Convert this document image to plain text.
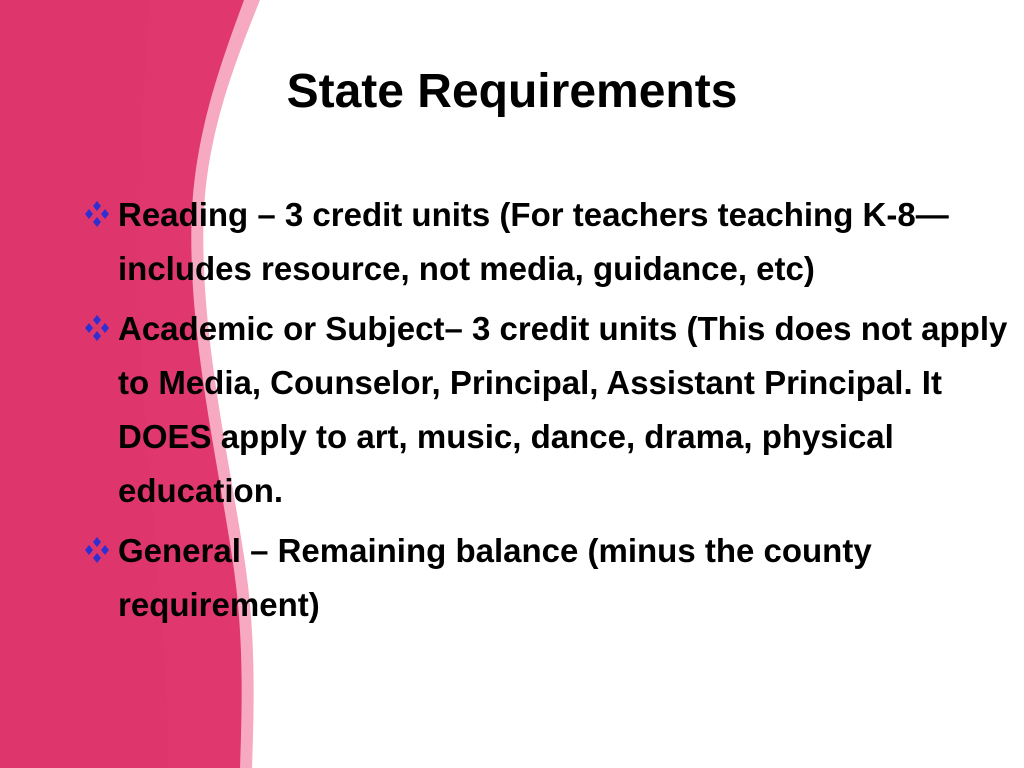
State Requirements
Reading – 3 credit units (For teachers teaching K-8—includes resource, not media, guidance, etc)
Academic or Subject– 3 credit units (This does not apply to Media, Counselor, Principal, Assistant Principal. It DOES apply to art, music, dance, drama, physical education.
General – Remaining balance (minus the county requirement)
